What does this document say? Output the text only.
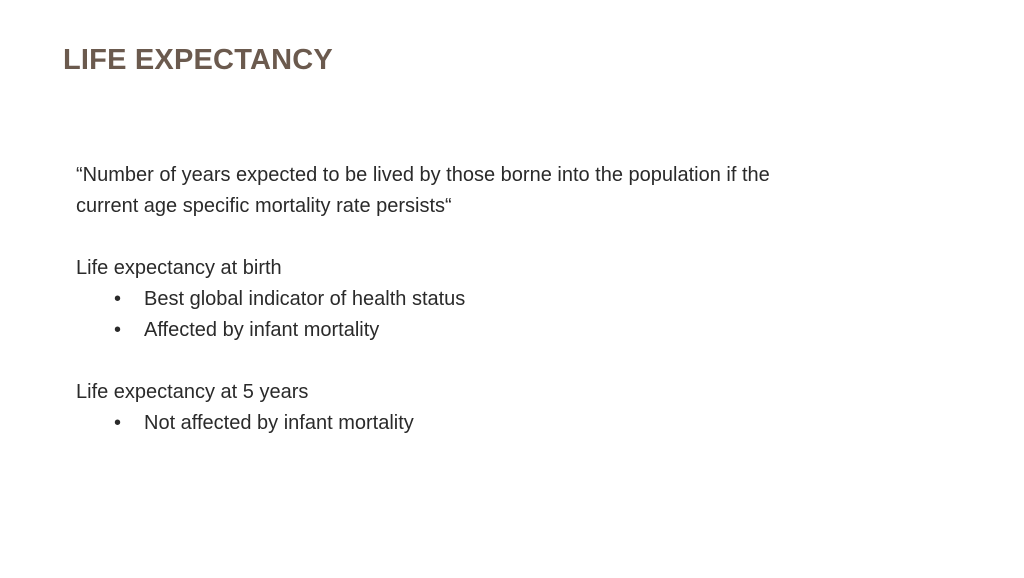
LIFE EXPECTANCY

“Number of years expected to be lived by those borne into the population if the

current age specific mortality rate persists“

Life expectancy at birth

• Best global indicator of health status
• Affected by infant mortality

Life expectancy at 5 years

• Not affected by infant mortality
